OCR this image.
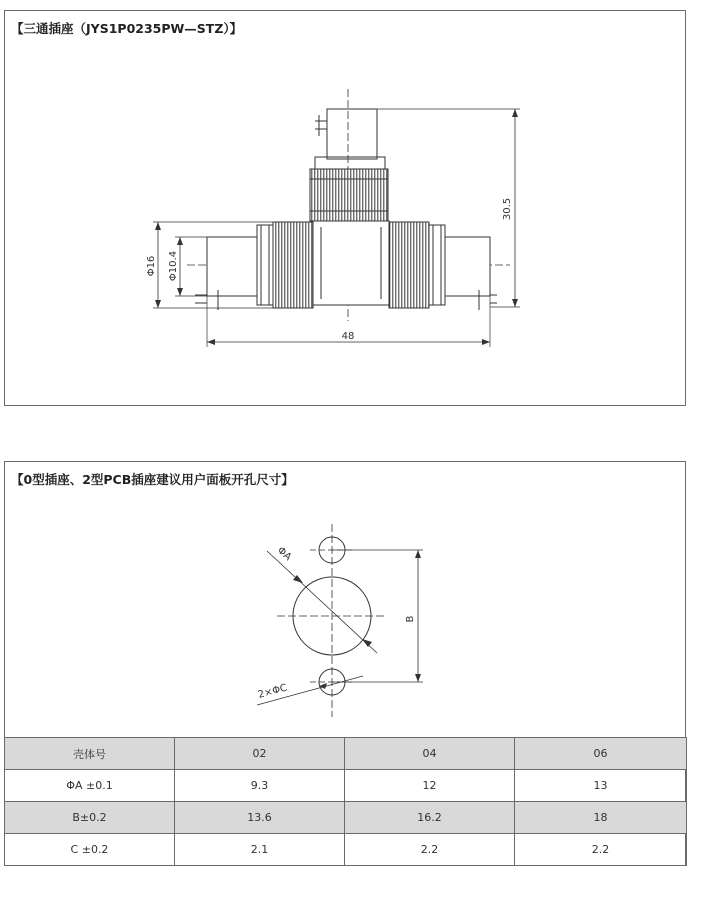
【三通插座（JYS1P0235PW—STZ）】
30.5
48
Φ16 Φ10.4
【0型插座、2型PCB插座建议用户面板开孔尺寸】
ΦA
B
2×ΦC
壳体号	02	04	06
ΦA ±0.1	9.3	12	13
B±0.2	13.6	16.2	18
C ±0.2	2.1	2.2	2.2
